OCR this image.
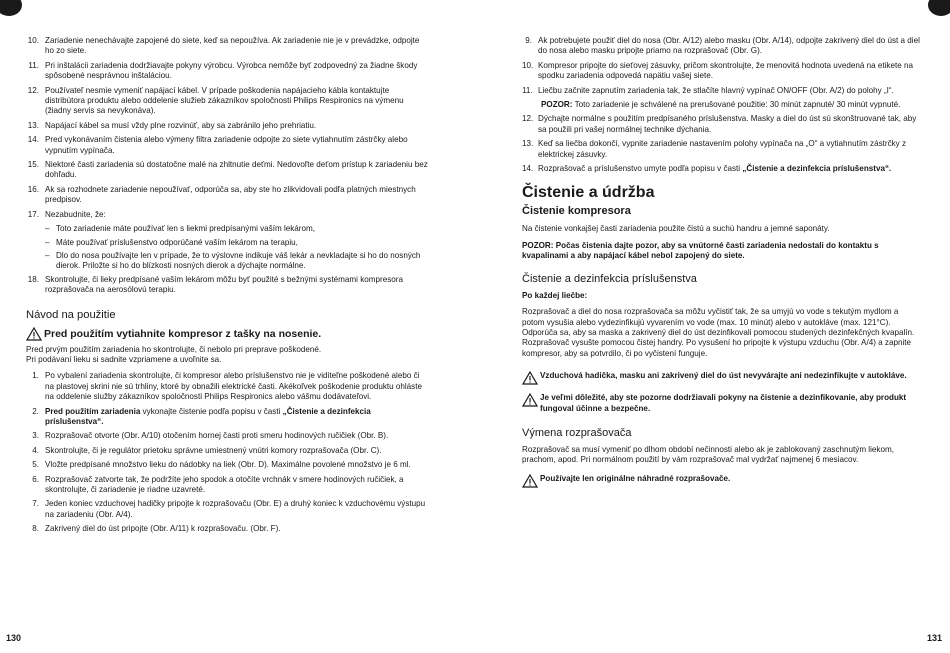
10. Zariadenie nenechávajte zapojené do siete, keď sa nepoužíva. Ak zariadenie nie je v prevádzke, odpojte ho zo siete.
11. Pri inštalácii zariadenia dodržiavajte pokyny výrobcu. Výrobca nemôže byť zodpovedný za žiadne škody spôsobené nesprávnou inštaláciou.
12. Používateľ nesmie vymeniť napájací kábel. V prípade poškodenia napájacieho kábla kontaktujte distribútora produktu alebo oddelenie služieb zákazníkov spoločnosti Philips Respironics na výmenu (žiadny servis sa nevykonáva).
13. Napájací kábel sa musí vždy plne rozvinúť, aby sa zabránilo jeho prehriatiu.
14. Pred vykonávaním čistenia alebo výmeny filtra zariadenie odpojte zo siete vytiahnutím zástrčky alebo vypnutím vypínača.
15. Niektoré časti zariadenia sú dostatočne malé na zhltnutie deťmi. Nedovoľte deťom prístup k zariadeniu bez dohľadu.
16. Ak sa rozhodnete zariadenie nepoužívať, odporúča sa, aby ste ho zlikvidovali podľa platných miestnych predpisov.
17. Nezabudnite, že:
– Toto zariadenie máte používať len s liekmi predpísanými vaším lekárom,
– Máte používať príslušenstvo odporúčané vaším lekárom na terapiu,
– Dlo do nosa používajte len v prípade, že to výslovne indikuje váš lekár a nevkladajte si ho do nosných dierok. Priložte si ho do blízkosti nosných dierok a dýchajte normálne.
18. Skontrolujte, či lieky predpísané vaším lekárom môžu byť použité s bežnými systémami kompresora rozprašovača na aerosólovú terapiu.
Návod na použitie
Pred použitím vytiahnite kompresor z tašky na nosenie.
Pred prvým použitím zariadenia ho skontrolujte, či nebolo pri preprave poškodené.
Pri podávaní lieku si sadnite vzpriamene a uvoľnite sa.
1. Po vybalení zariadenia skontrolujte, či kompresor alebo príslušenstvo nie je viditeľne poškodené alebo či na plastovej skrini nie sú trhliny, ktoré by obnažili elektrické časti. Akékoľvek poškodenie produktu ohláste na oddelenie služby zákazníkov spoločnosti Philips Respironics alebo vášmu dodávateľovi.
2. Pred použitím zariadenia vykonajte čistenie podľa popisu v časti „Čistenie a dezinfekcia príslušenstva“.
3. Rozprašovač otvorte (Obr. A/10) otočením hornej časti proti smeru hodinových ručičiek (Obr. B).
4. Skontrolujte, či je regulátor prietoku správne umiestnený vnútri komory rozprašovača (Obr. C).
5. Vložte predpísané množstvo lieku do nádobky na liek (Obr. D). Maximálne povolené množstvo je 6 ml.
6. Rozprašovač zatvorte tak, že podržíte jeho spodok a otočíte vrchnák v smere hodinových ručičiek, a skontrolujte, či zariadenie je riadne uzavreté.
7. Jeden koniec vzduchovej hadičky pripojte k rozprašovaču (Obr. E) a druhý koniec k vzduchovému výstupu na zariadeniu (Obr. A/4).
8. Zakrivený diel do úst pripojte (Obr. A/11) k rozprašovaču. (Obr. F).
130
9. Ak potrebujete použiť diel do nosa (Obr. A/12) alebo masku (Obr. A/14), odpojte zakrivený diel do úst a diel do nosa alebo masku pripojte priamo na rozprašovač (Obr. G).
10. Kompresor pripojte do sieťovej zásuvky, pričom skontrolujte, že menovitá hodnota uvedená na etikete na spodku zariadenia odpovedá napätiu vašej siete.
11. Liečbu začnite zapnutím zariadenia tak, že stlačíte hlavný vypínač ON/OFF (Obr. A/2) do polohy „I“.
POZOR: Toto zariadenie je schválené na prerušované použitie: 30 minút zapnuté/ 30 minút vypnuté.
12. Dýchajte normálne s použitím predpísaného príslušenstva. Masky a diel do úst sú skonštruované tak, aby sa použili pri vašej normálnej technike dýchania.
13. Keď sa liečba dokončí, vypnite zariadenie nastavením polohy vypínača na „O“ a vytiahnutím zástrčky z elektrickej zásuvky.
14. Rozprašovač a príslušenstvo umyte podľa popisu v časti „Čistenie a dezinfekcia príslušenstva“.
Čistenie a údržba
Čistenie kompresora
Na čistenie vonkajšej časti zariadenia použite čistú a suchú handru a jemné saponáty.
POZOR: Počas čistenia dajte pozor, aby sa vnútorné časti zariadenia nedostali do kontaktu s kvapalinami a aby napájací kábel nebol zapojený do siete.
Čistenie a dezinfekcia príslušenstva
Po každej liečbe:
Rozprašovač a diel do nosa rozprašovača sa môžu vyčistiť tak, že sa umyjú vo vode s tekutým mydlom a potom vysušia alebo vydezinfikujú vyvarením vo vode (max. 10 minút) alebo v autokláve (max. 121°C). Odporúča sa, aby sa maska a zakrivený diel do úst dezinfikovali pomocou studených dezinfekčných kvapalín. Rozprašovač vysušte pomocou čistej handry. Po vysušení ho pripojte k výstupu vzduchu (Obr. A/4) a zapnite kompresor, aby sa potvrdilo, či po vyčistení funguje.
Vzduchová hadička, masku ani zakrivený diel do úst nevyvárajte ani nedezinfikujte v autokláve.
Je veľmi dôležité, aby ste pozorne dodržiavali pokyny na čistenie a dezinfikovanie, aby produkt fungoval účinne a bezpečne.
Výmena rozprašovača
Rozprašovač sa musí vymeniť po dlhom období nečinnosti alebo ak je zablokovaný zaschnutým liekom, prachom, apod. Pri normálnom použití by vám rozprašovač mal vydržať najmenej 6 mesiacov.
Používajte len originálne náhradné rozprašovače.
131
